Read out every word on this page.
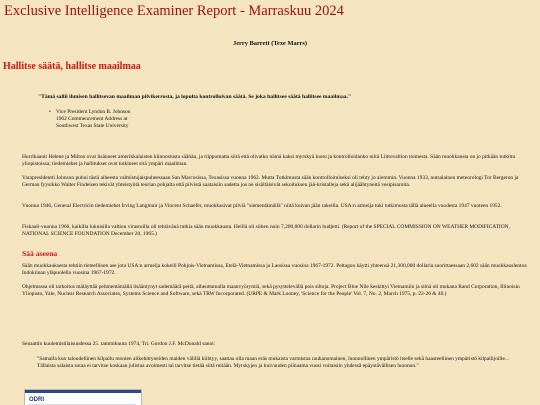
Exclusive Intelligence Examiner Report - Marraskuu 2024
Jerry Barrett (Texe Marrs)
Hallitse säätä, hallitse maailmaa
"Tämä sallii ihmisen hallitsevan maailman pilvikerrosta, ja lopulta kontrolloivan säätä. Se joka hallitsee säätä hallitsee maailmaa."
• Vice President Lyndon B. Johnson
1962 Commencement Address at
Southwest Texas State University
Hurrikaanit Helene ja Milton ovat lisänneet amerikkalaisten kiinnostusta säähän, ja riippumatta siitä että olivatko nämä kaksi myrskyä luotu ja kontrolloidanko niitä Liittovaltion toimesta. Sään muokkausta on jo pitkään tutkittu yliopistoissa; tiedemiehet ja hallitukset ovat tutkineet sitä ympäri maailman.
Varapresidentti Johnson puhui tästä aiheesta valmistujaispuheessaan San Marcosissa, Texasissa vuonna 1962. Mutta Tutkimusta sään kontrolloimiseksi oli tehty jo aiemmin. Vuonna 1933, nutsalainen meteorologi Tor Bergeron ja German fyysikko Walter Findeisen tekivät yhteistyötä teorian pohjalta että pilvistä saataisiin sadetta jos ne sisältäisivät sekoituksen jää-kristalleja sekä alijäähtyneitä vesipisaroita.
Vuonna 1946, General Electricin tiedemiehet Irving Langmuir ja Vincent Schaefer, muokkasivat pilviä "siementämällä" niitä kuivan jään rakeilla. USA:n armeija tuki tutkimusta tällä alueella vuodesta 1947 vuoteen 1952.
Fiskaali-vuonna 1966, kaikilla lukuisilla valtion virastoilla oli tehtävänä tutkia sään muokkausta. Heillä oli siihen noin 7,200,000 dollarin budjetti. (Report of the SPECIAL COMMISSION ON WEATHER MODIFICATION, NATIONAL SCIENCE FOUNDATION December 20, 1965.)
Sää aseena
Sään muokkauksesta tehtiin tieteellinen ase jota USA:n armeija kokeili Pohjois-Vietnamissa, Etelä-Vietnamissa ja Laosissa vuosina 1967-1972. Peltagon käytti yhteensä 21,300,000 dollaria suorittaessaan 2,602 sään muokkauslentoa Indokiinan yläpuolella vuosina 1967-1972.
Ohjelmassa oli tarkoitus mätäyttää pehmentämällä lisääntynyt sademäärä peitä, aiheuttamalla maanvyörymiä, sekä pysyttelevällä pois siltoja. Project Blue Nile keskittyi Vietnamiin ja siinä oli mukana Rand Corporation, Illinoisin Yliopisto, Yale, Nuclear Research Associates, Systems Science and Software, sekä TRW Incorporated. (URPE & Mark Looney, 'Science for the People' Vol. 7, No. 2, March 1975, p. 22-26 & 40.)
Senaattin kuulemistilaisuudessa 25. tammikuuta 1974, Tri. Gordon J.F. McDonald sanoi:
"Samalla kun taloudellinen kilpailu monien alikehittyneiden maiden välillä kiihtyy, saattaa olla maan eräs mukaista varmistaa rauhanomainen, luonnollinen ympäristö itselle sekä haasteellinen ympäristö kilpailijoille... Tällaista salaista sotaa ei tarvitse koskaan julistaa avoimesti tai tarvitse tietää siitä mitään. Myrskyjen ja kuivuuden piinaama vuosi voitaisiin yhdessä epäystävällisen luonnon."
ODRI
